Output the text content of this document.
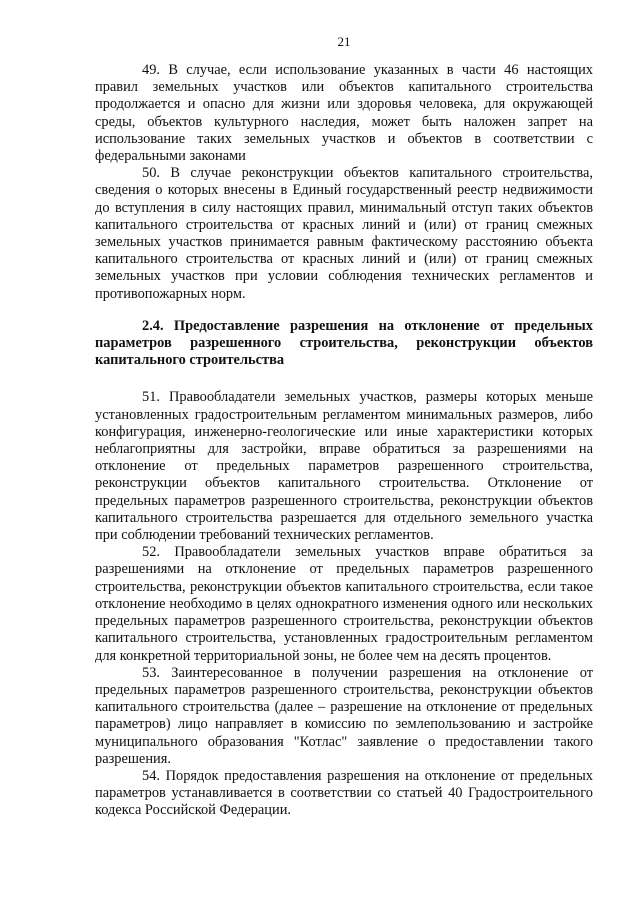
21

49. В случае, если использование указанных в части 46 настоящих правил земельных участков или объектов капитального строительства продолжается и опасно для жизни или здоровья человека, для окружающей среды, объектов культурного наследия, может быть наложен запрет на использование таких земельных участков и объектов в соответствии с федеральными законами

50. В случае реконструкции объектов капитального строительства, сведения о которых внесены в Единый государственный реестр недвижимости до вступления в силу настоящих правил, минимальный отступ таких объектов капитального строительства от красных линий и (или) от границ смежных земельных участков принимается равным фактическому расстоянию объекта капитального строительства от красных линий и (или) от границ смежных земельных участков при условии соблюдения технических регламентов и противопожарных норм.

2.4. Предоставление разрешения на отклонение от предельных параметров разрешенного строительства, реконструкции объектов капитального строительства

51. Правообладатели земельных участков, размеры которых меньше установленных градостроительным регламентом минимальных размеров, либо конфигурация, инженерно-геологические или иные характеристики которых неблагоприятны для застройки, вправе обратиться за разрешениями на отклонение от предельных параметров разрешенного строительства, реконструкции объектов капитального строительства. Отклонение от предельных параметров разрешенного строительства, реконструкции объектов капитального строительства разрешается для отдельного земельного участка при соблюдении требований технических регламентов.

52. Правообладатели земельных участков вправе обратиться за разрешениями на отклонение от предельных параметров разрешенного строительства, реконструкции объектов капитального строительства, если такое отклонение необходимо в целях однократного изменения одного или нескольких предельных параметров разрешенного строительства, реконструкции объектов капитального строительства, установленных градостроительным регламентом для конкретной территориальной зоны, не более чем на десять процентов.

53. Заинтересованное в получении разрешения на отклонение от предельных параметров разрешенного строительства, реконструкции объектов капитального строительства (далее – разрешение на отклонение от предельных параметров) лицо направляет в комиссию по землепользованию и застройке муниципального образования "Котлас" заявление о предоставлении такого разрешения.

54. Порядок предоставления разрешения на отклонение от предельных параметров устанавливается в соответствии со статьей 40 Градостроительного кодекса Российской Федерации.
